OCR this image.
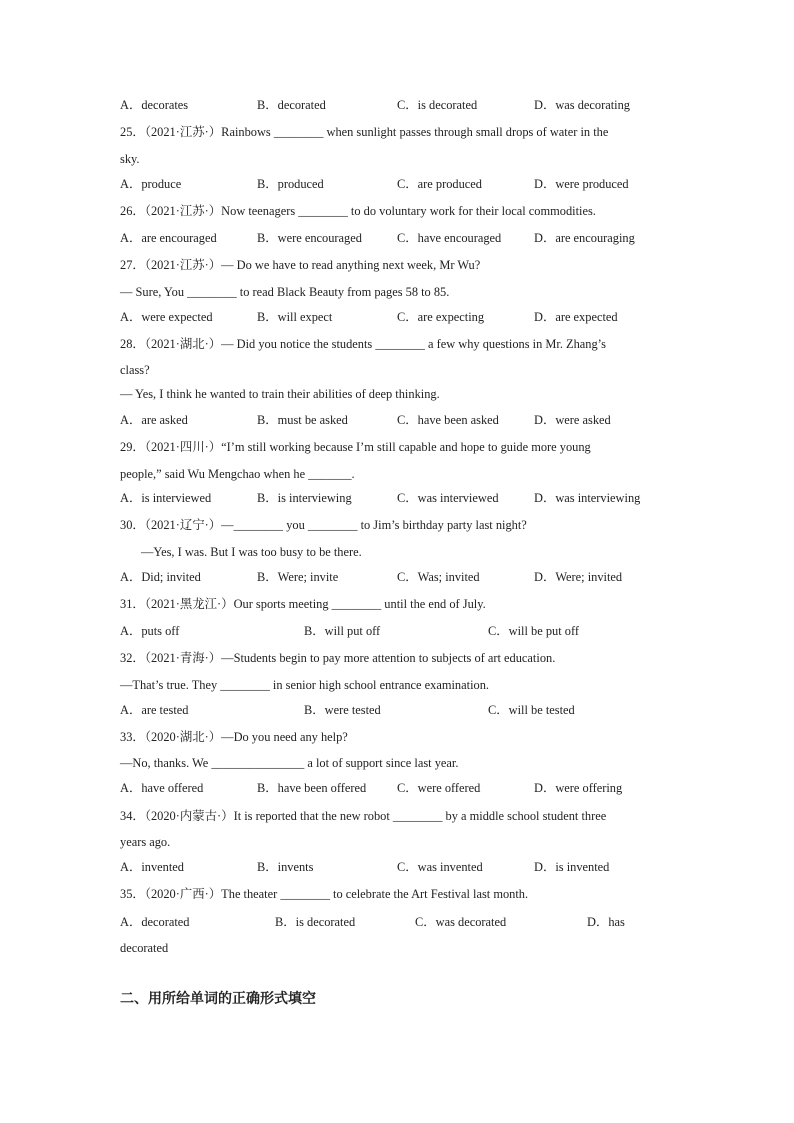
A．decorates	B．decorated	C．is decorated	D．was decorating
25．（2021·江苏·）Rainbows ________ when sunlight passes through small drops of water in the
sky.
A．produce	B．produced	C．are produced	D．were produced
26．（2021·江苏·）Now teenagers ________ to do voluntary work for their local commodities.
A．are encouraged	B．were encouraged	C．have encouraged	D．are encouraging
27．（2021·江苏·）— Do we have to read anything next week, Mr Wu?
— Sure, You ________ to read Black Beauty from pages 58 to 85.
A．were expected	B．will expect	C．are expecting	D．are expected
28．（2021·湖北·）— Did you notice the students ________ a few why questions in Mr. Zhang’s
class?
— Yes, I think he wanted to train their abilities of deep thinking.
A．are asked	B．must be asked	C．have been asked	D．were asked
29．（2021·四川·）“I’m still working because I’m still capable and hope to guide more young
people,” said Wu Mengchao when he _______.
A．is interviewed	B．is interviewing	C．was interviewed	D．was interviewing
30．（2021·辽宁·）—________ you ________ to Jim’s birthday party last night?
—Yes, I was. But I was too busy to be there.
A．Did; invited	B．Were; invite	C．Was; invited	D．Were; invited
31．（2021·黑龙江·）Our sports meeting ________ until the end of July.
A．puts off	B．will put off	C．will be put off
32．（2021·青海·）—Students begin to pay more attention to subjects of art education.
—That’s true. They ________ in senior high school entrance examination.
A．are tested	B．were tested	C．will be tested
33．（2020·湖北·）—Do you need any help?
—No, thanks. We _______________ a lot of support since last year.
A．have offered	B．have been offered C．were offered	D．were offering
34．（2020·内蒙古·）It is reported that the new robot ________ by a middle school student three
years ago.
A．invented	B．invents	C．was invented	D．is invented
35．（2020·广西·）The theater ________ to celebrate the Art Festival last month.
A．decorated	B．is decorated	C．was decorated	D．has
decorated
二、用所给单词的正确形式填空
